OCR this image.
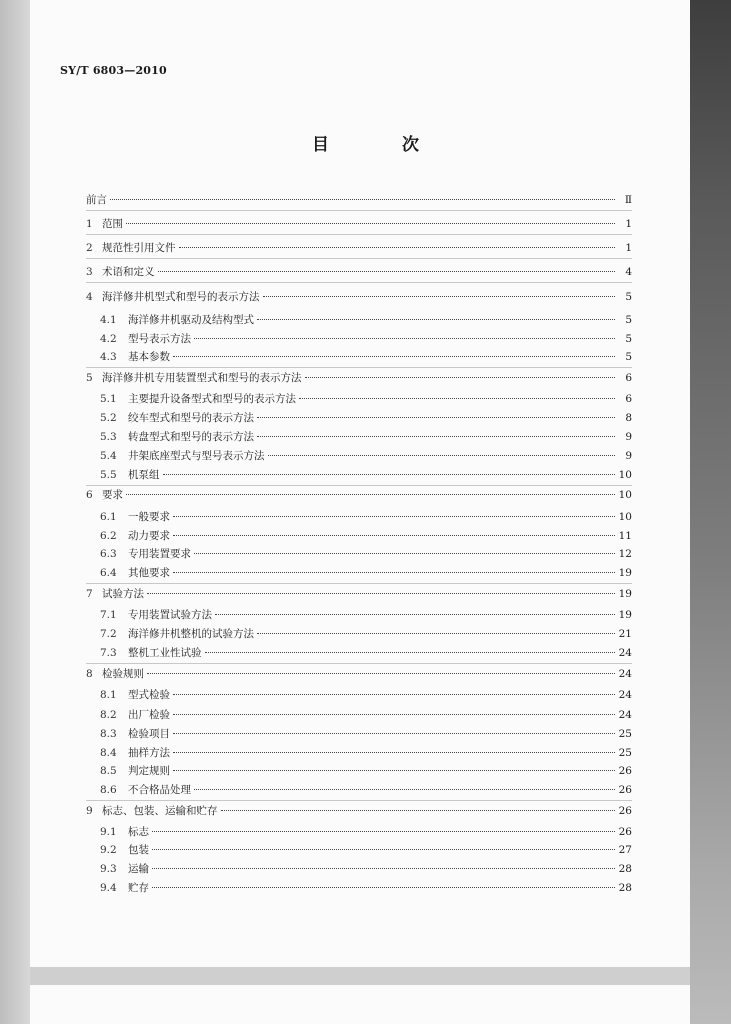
SY/T 6803—2010
目　次
前言	Ⅱ
1 范围	1
2 规范性引用文件	1
3 术语和定义	4
4 海洋修井机型式和型号的表示方法	5
4.1	海洋修井机驱动及结构型式	5
4.2	型号表示方法	5
4.3	基本参数	5
5 海洋修井机专用装置型式和型号的表示方法	6
5.1	主要提升设备型式和型号的表示方法	6
5.2	绞车型式和型号的表示方法	8
5.3	转盘型式和型号的表示方法	9
5.4	井架底座型式与型号表示方法	9
5.5	机泵组	10
6 要求	10
6.1	一般要求	10
6.2	动力要求	11
6.3	专用装置要求	12
6.4	其他要求	19
7 试验方法	19
7.1	专用装置试验方法	19
7.2	海洋修井机整机的试验方法	21
7.3	整机工业性试验	24
8 检验规则	24
8.1	型式检验	24
8.2	出厂检验	24
8.3	检验项目	25
8.4	抽样方法	25
8.5	判定规则	26
8.6	不合格品处理	26
9 标志、包装、运输和贮存	26
9.1	标志	26
9.2	包装	27
9.3	运输	28
9.4	贮存	28
